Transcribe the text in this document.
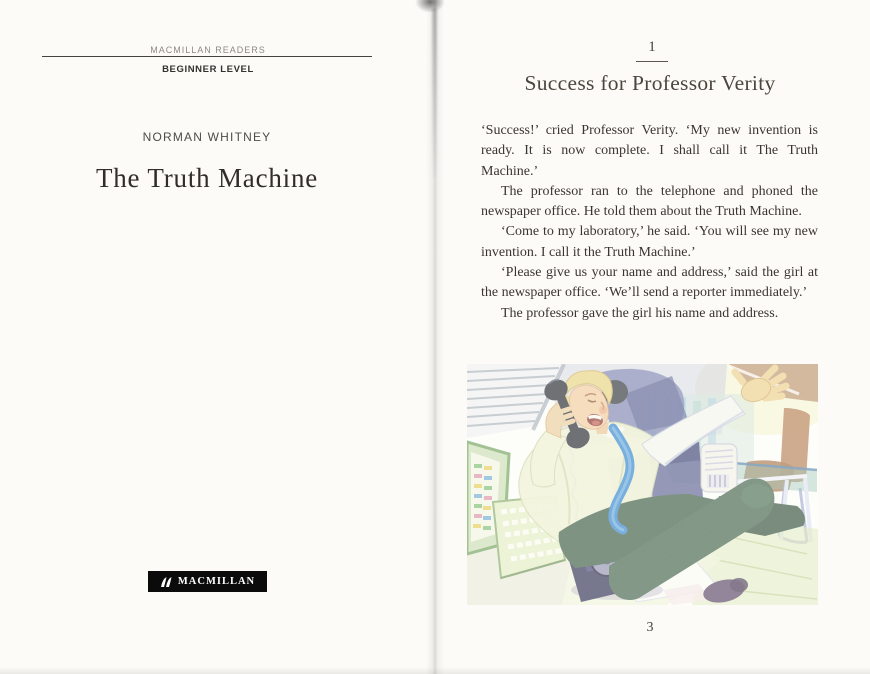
MACMILLAN READERS
BEGINNER LEVEL
NORMAN WHITNEY
The Truth Machine
MACMILLAN
1
Success for Professor Verity

‘Success!’ cried Professor Verity. ‘My new invention is ready. It is now complete. I shall call it The Truth Machine.’

The professor ran to the telephone and phoned the newspaper office. He told them about the Truth Machine.

‘Come to my laboratory,’ he said. ‘You will see my new invention. I call it the Truth Machine.’

‘Please give us your name and address,’ said the girl at the newspaper office. ‘We’ll send a reporter immediately.’

The professor gave the girl his name and address.

3
